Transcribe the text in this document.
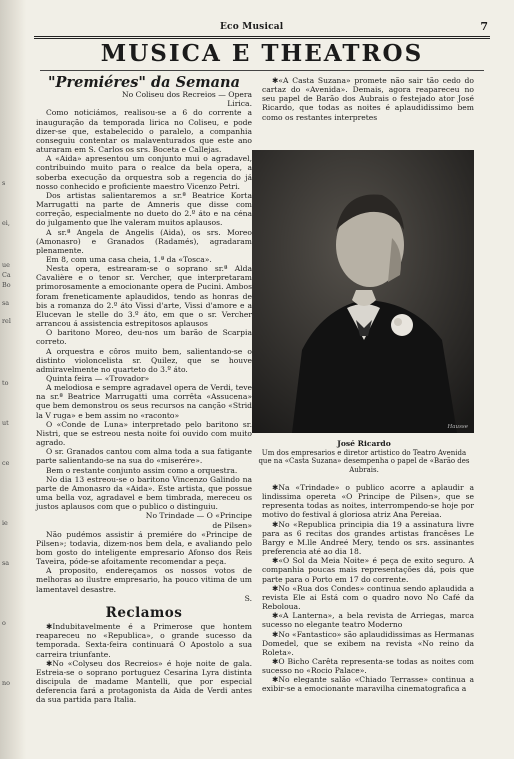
s
ei,
ue
Ca
Bo
sa
rel
to
ut
ce
ie
sa
o
no
Eco Musical	7
MUSICA E THEATROS
"Premiéres" da Semana
No Coliseu dos Recreios — Opera Lirica.

Como noticiámos, realisou-se a 6 do corrente a inauguração da temporada lirica no Coliseu, e pode dizer-se que, estabelecido o paralelo, a companhia conseguiu contentar os malaventurados que este ano aturaram em S. Carlos os srs. Boceta e Callejas.

A «Aida» apresentou um conjunto mui o agradavel, contribuindo muito para o realce da bela opera, a soberba execução da orquestra sob a regencia do já nosso conhecido e proficiente maestro Vicenzo Petri.

Dos artistas salientaremos a sr.ª Beatrice Korta Marrugatti na parte de Amneris que disse com correção, especialmente no dueto do 2.º áto e na céna do julgamento que lhe valeram muitos aplausos.

A sr.ª Angela de Angelis (Aida), os srs. Moreo (Amonasro) e Granados (Radamés), agradaram plenamente.

Em 8, com uma casa cheia, 1.ª da «Tosca».

Nesta opera, estrearam-se o soprano sr.ª Alda Cavalière e o tenor sr. Vercher, que interpretaram primorosamente a emocionante opera de Pucini. Ambos foram freneticamente aplaudidos, tendo as honras de bis a romanza do 2.º áto Vissi d'arte, Vissi d'amore e a Elucevan le stelle do 3.º áto, em que o sr. Vercher arrancou á assistencia estrepitosos aplausos

O baritono Moreo, deu-nos um barão de Scarpia correto.

A orquestra e côros muito bem, salientando-se o distinto violoncelista sr. Quilez, que se houve admiravelmente no quarteto do 3.º áto.

Quinta feira — «Trovador»

A melodiosa e sempre agradavel opera de Verdi, teve na sr.ª Beatrice Marrugatti uma corrêta «Assucena» que bem demonstrou os seus recursos na canção «Strid la V ruga» e bem assim no «raconto»

O «Conde de Luna» interpretado pelo baritono sr. Nistri, que se estreou nesta noite foi ouvido com muito agrado.

O sr. Granados cantou com alma toda a sua fatigante parte salientando-se na sua do «miserére».

Bem o restante conjunto assim como a orquestra.

No dia 13 estreou-se o baritono Vincenzo Galindo na parte de Amonasro da «Aida». Este artista, que possue uma bella voz, agradavel e bem timbrada, mereceu os justos aplausos com que o publico o distinguiu.

No Trindade — O «Principe de Pilsen»

Não pudémos assistir á premiére do «Principe de Pilsen»; todavia, dizem-nos bem dela, e avaliando pelo bom gosto do inteligente empresario Afonso dos Reis Taveira, póde-se afoitamente recomendar a peça.

A proposito, endereçamos os nossos votos de melhoras ao ilustre empresario, ha pouco vitima de um lamentavel desastre.

S.
Reclamos

✱Indubitavelmente é a Primerose que hontem reapareceu no «Republica», o grande sucesso da temporada. Sexta-feira continuará O Apostolo a sua carreira triunfante.

✱No «Colyseu dos Recreios» é hoje noite de gala. Estreia-se o soprano portuguez Cesarina Lyra distinta discipula de madame Mantelli, que por especial deferencia fará a protagonista da Aida de Verdi antes da sua partida para Italia.

✱«A Casta Suzana» promete não sair tão cedo do cartaz do «Avenida». Demais, agora reapareceu no seu papel de Barão dos Aubrais o festejado ator José Ricardo, que todas as noites é aplaudidissimo bem como os restantes interpretes

Hausse
José Ricardo
Um dos empresarios e diretor artistico do Teatro Avenida que na «Casta Suzana» desempenha o papel de «Barão des Aubrais.

✱Na «Trindade» o publico acorre a aplaudir a lindissima opereta «O Principe de Pilsen», que se representa todas as noites, interrompendo-se hoje por motivo do festival á gloriosa atriz Ana Pereiaa.

✱No «Republica principia dia 19 a assinatura livre para as 6 recitas dos grandes artistas francêses Le Bargy e M.lle Andreé Mery, tendo os srs. assinantes preferencia até ao dia 18.

✱«O Sol da Meia Noite» é peça de exito seguro. A companhia poucas mais representações dá, pois que parte para o Porto em 17 do corrente.

✱No «Rua dos Condes» continua sendo aplaudida a revista Ele ai Está com o quadro novo No Café da Reboloua.

✱«A Lanterna», a bela revista de Arriegas, marca sucesso no elegante teatro Moderno

✱No «Fantastico» são aplaudidissimas as Hermanas Domedel, que se exibem na revista «No reino da Roleta».

✱O Bicho Carêta representa-se todas as noites com sucesso no «Rocio Palace».

✱No elegante salão «Chiado Terrasse» continua a exibir-se a emocionante maravilha cinematografica a
